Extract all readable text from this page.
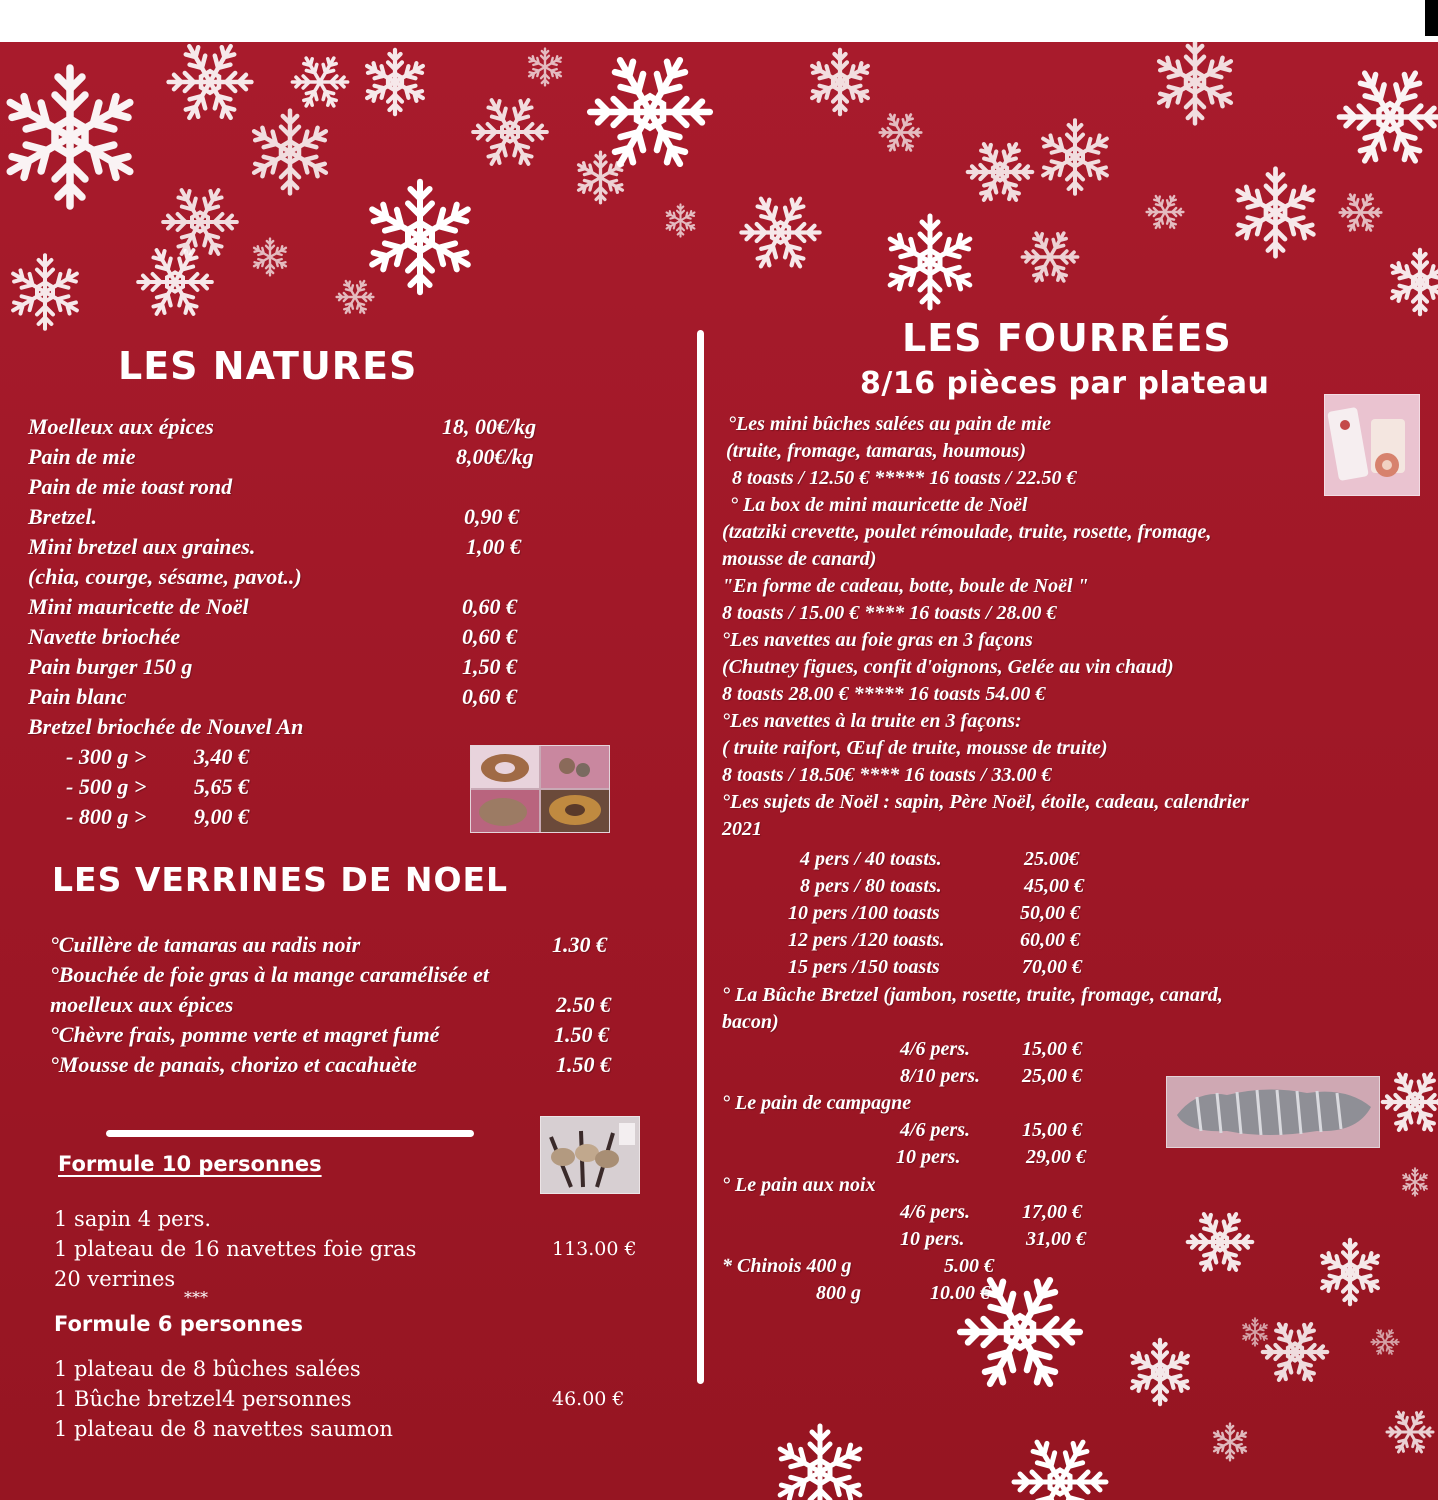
LES NATURES
Moelleux aux épices	18, 00€/kg
Pain de mie	8,00€/kg
Pain de mie toast rond
Bretzel.	0,90 €
Mini bretzel aux graines.	1,00 €
(chia, courge, sésame, pavot..)
Mini mauricette de Noël	0,60 €
Navette briochée	0,60 €
Pain burger 150 g	1,50 €
Pain blanc	0,60 €
Bretzel briochée de Nouvel An
- 300 g > 3,40 €
- 500 g > 5,65 €
- 800 g > 9,00 €
LES VERRINES DE NOEL
°Cuillère de tamaras au radis noir	1.30 €
°Bouchée de foie gras à la mange caramélisée et
moelleux aux épices	2.50 €
°Chèvre frais, pomme verte et magret fumé	1.50 €
°Mousse de panais, chorizo et cacahuète	1.50 €
Formule 10 personnes
1 sapin 4 pers.
1 plateau de 16 navettes foie gras
20 verrines
113.00 €
***
Formule 6 personnes
1 plateau de 8 bûches salées
1 Bûche bretzel4 personnes
1 plateau de 8 navettes saumon
46.00 €
LES FOURRÉES
8/16 pièces par plateau
°Les mini bûches salées au pain de mie
(truite, fromage, tamaras, houmous)
8 toasts / 12.50 € ***** 16 toasts / 22.50 €
° La box de mini mauricette de Noël
(tzatziki crevette, poulet rémoulade, truite, rosette, fromage,
mousse de canard)
"En forme de cadeau, botte, boule de Noël "
8 toasts / 15.00 € **** 16 toasts / 28.00 €
°Les navettes au foie gras en 3 façons
(Chutney figues, confit d'oignons, Gelée au vin chaud)
8 toasts 28.00 € ***** 16 toasts 54.00 €
°Les navettes à la truite en 3 façons:
( truite raifort, Œuf de truite, mousse de truite)
8 toasts / 18.50€ **** 16 toasts / 33.00 €
°Les sujets de Noël : sapin, Père Noël, étoile, cadeau, calendrier
2021
4 pers / 40 toasts.	25.00€
8 pers / 80 toasts.	45,00 €
10 pers /100 toasts	50,00 €
12 pers /120 toasts.	60,00 €
15 pers /150 toasts	70,00 €
° La Bûche Bretzel (jambon, rosette, truite, fromage, canard,
bacon)
4/6 pers.	15,00 €
8/10 pers. 25,00 €
° Le pain de campagne
4/6 pers.	15,00 €
10 pers.	29,00 €
° Le pain aux noix
4/6 pers.	17,00 €
10 pers.	31,00 €
* Chinois 400 g	5.00 €
800 g	10.00 €
